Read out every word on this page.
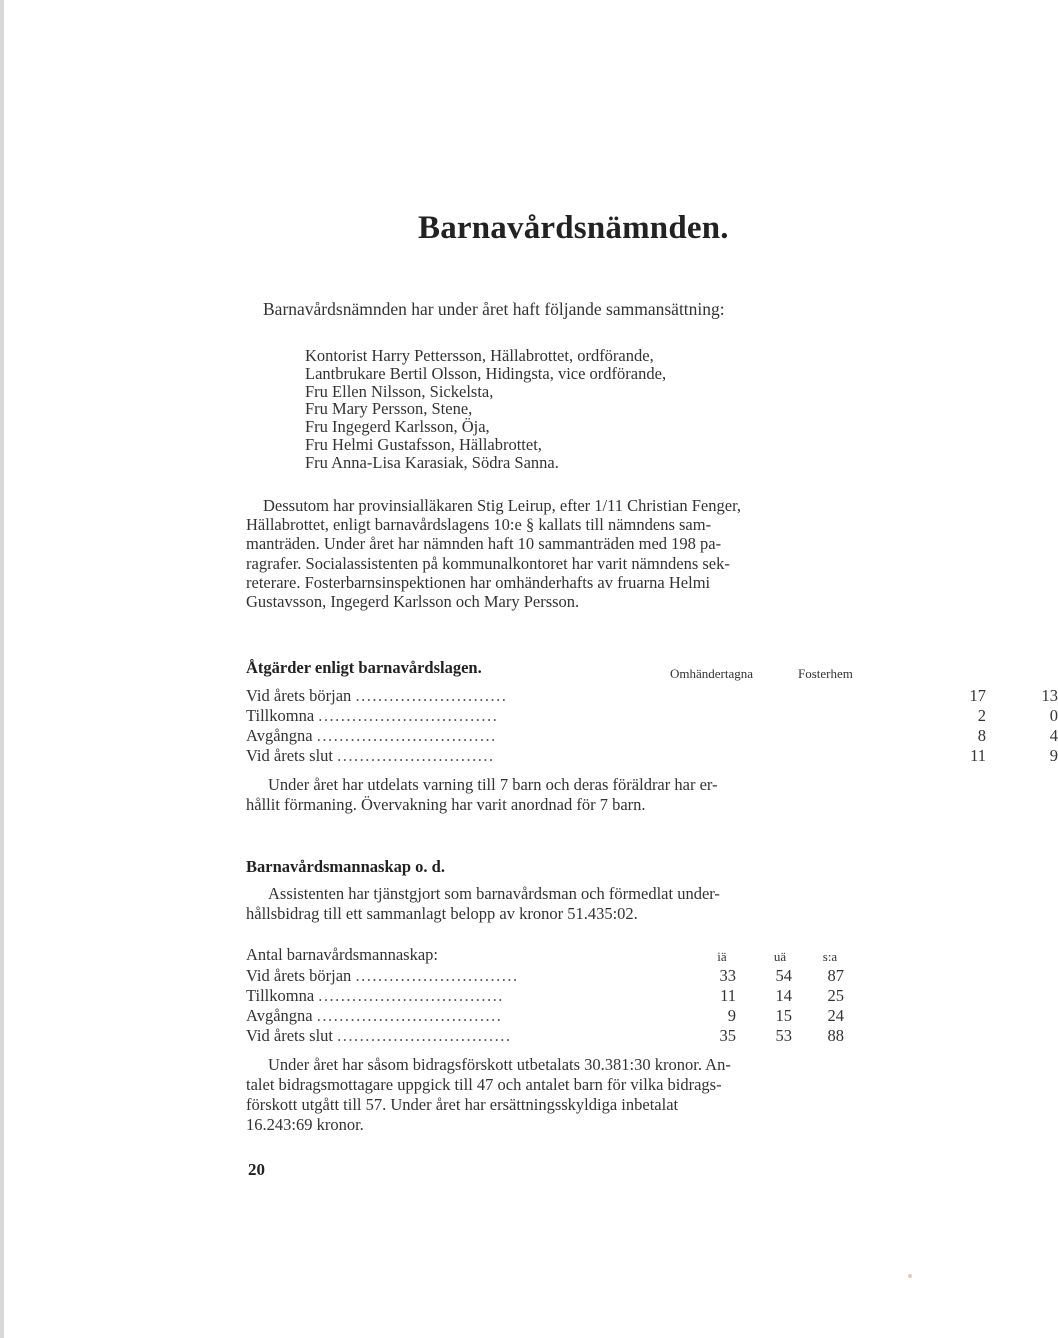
Barnavårdsnämnden.

Barnavårdsnämnden har under året haft följande sammansättning:

Kontorist Harry Pettersson, Hällabrottet, ordförande,
Lantbrukare Bertil Olsson, Hidingsta, vice ordförande,
Fru Ellen Nilsson, Sickelsta,
Fru Mary Persson, Stene,
Fru Ingegerd Karlsson, Öja,
Fru Helmi Gustafsson, Hällabrottet,
Fru Anna-Lisa Karasiak, Södra Sanna.
Dessutom har provinsialläkaren Stig Leirup, efter 1/11 Christian Fenger,
Hällabrottet, enligt barnavårdslagens 10:e § kallats till nämndens sam-
manträden. Under året har nämnden haft 10 sammanträden med 198 pa-
ragrafer. Socialassistenten på kommunalkontoret har varit nämndens sek-
reterare. Fosterbarnsinspektionen har omhänderhafts av fruarna Helmi
Gustavsson, Ingegerd Karlsson och Mary Persson.
Åtgärder enligt barnavårdslagen.	Omhändertagna	Fosterhem
Vid årets början ...........................	17	13
Tillkomna ................................	2	0
Avgångna ................................	8	4
Vid årets slut ............................	11	9
Under året har utdelats varning till 7 barn och deras föräldrar har er-
hållit förmaning. Övervakning har varit anordnad för 7 barn.
Barnavårdsmannaskap o. d.
Assistenten har tjänstgjort som barnavårdsman och förmedlat under-
hållsbidrag till ett sammanlagt belopp av kronor 51.435:02.
Antal barnavårdsmannaskap:	iä	uä	s:a
Vid årets början .............................	33	54	87
Tillkomna .................................	11	14	25
Avgångna .................................	9	15	24
Vid årets slut ...............................	35	53	88
Under året har såsom bidragsförskott utbetalats 30.381:30 kronor. An-
talet bidragsmottagare uppgick till 47 och antalet barn för vilka bidrags-
förskott utgått till 57. Under året har ersättningsskyldiga inbetalat
16.243:69 kronor.
20
